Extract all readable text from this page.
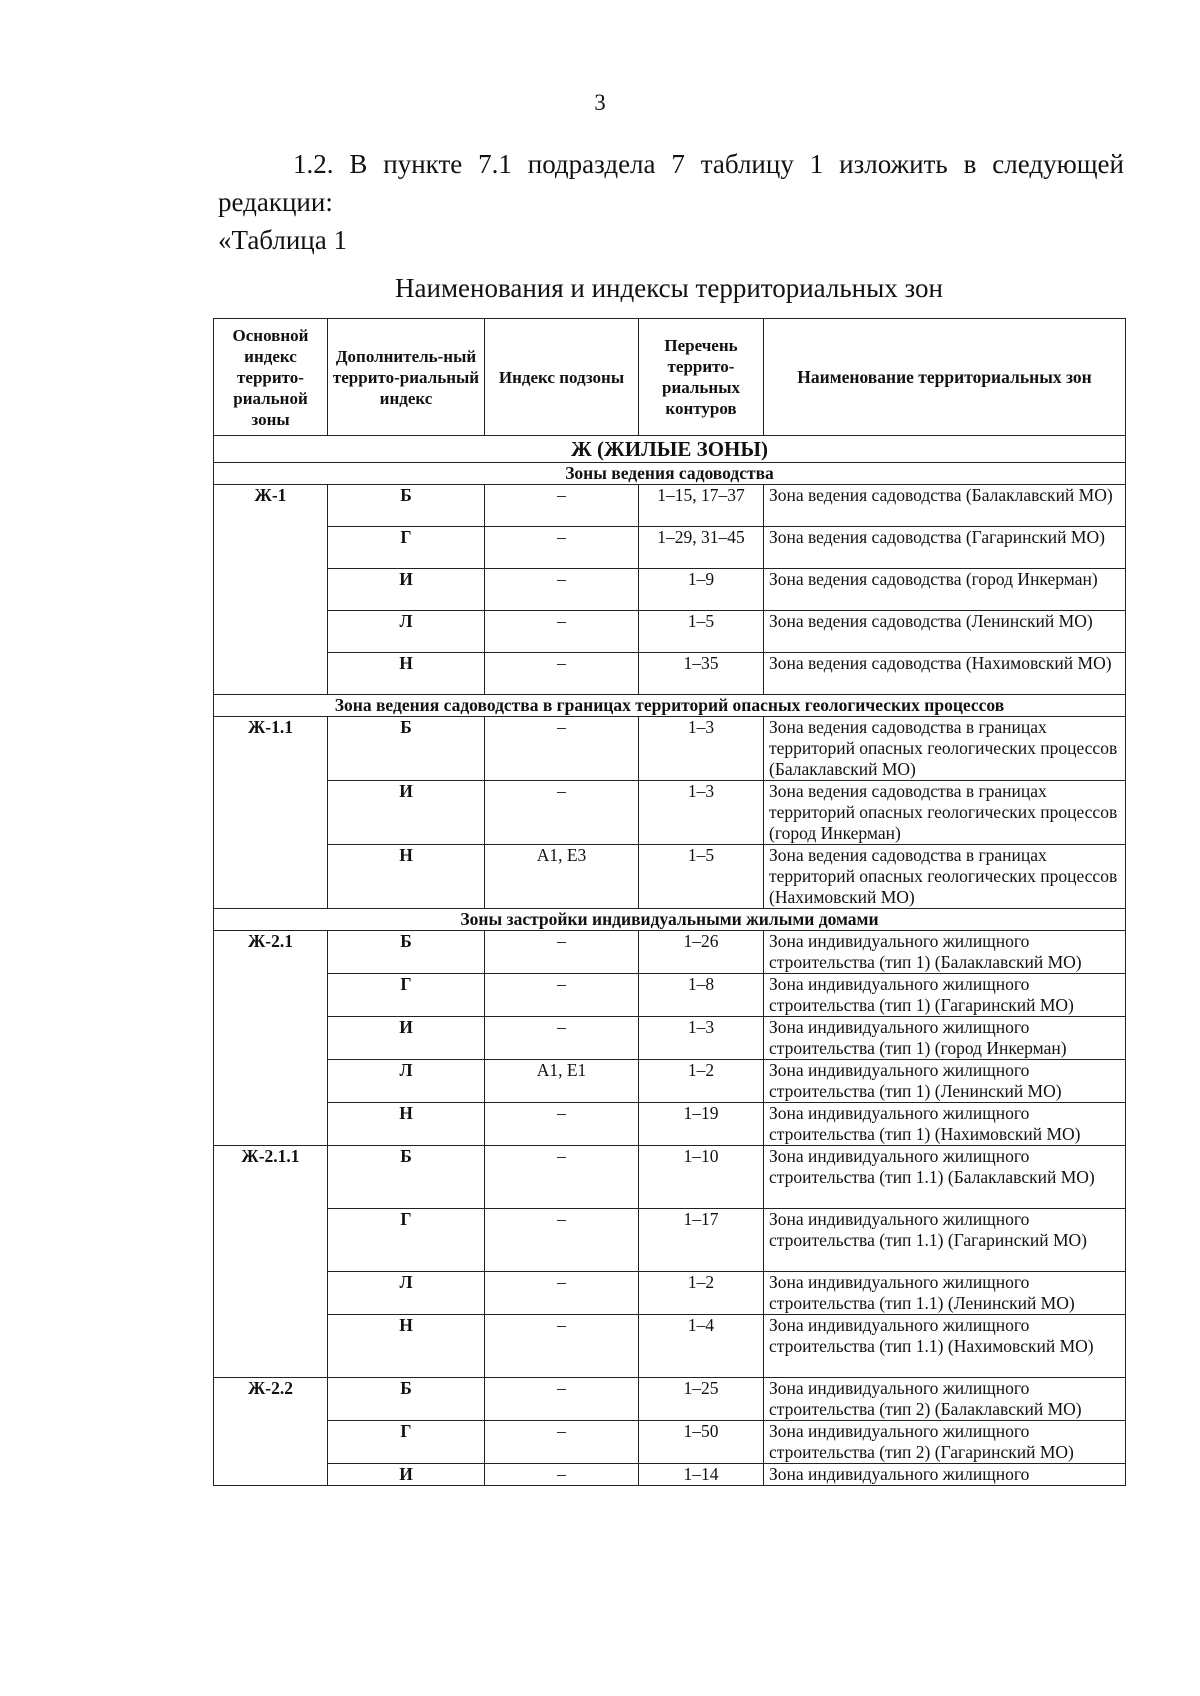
3
1.2. В пункте 7.1 подраздела 7 таблицу 1 изложить в следующей редакции:
«Таблица 1
Наименования и индексы территориальных зон
Основной индекс террито-риальной зоны	Дополнитель-ный террито-риальный индекс	Индекс подзоны	Перечень террито-риальных контуров	Наименование территориальных зон
Ж (ЖИЛЫЕ ЗОНЫ)				
Зоны ведения садоводства				
Ж-1	Б	–	1–15, 17–37	Зона ведения садоводства (Балаклавский МО)
	Г	–	1–29, 31–45	Зона ведения садоводства (Гагаринский МО)
	И	–	1–9	Зона ведения садоводства (город Инкерман)
	Л	–	1–5	Зона ведения садоводства (Ленинский МО)
	Н	–	1–35	Зона ведения садоводства (Нахимовский МО)
Зона ведения садоводства в границах территорий опасных геологических процессов				
Ж-1.1	Б	–	1–3	Зона ведения садоводства в границах территорий опасных геологических процессов (Балаклавский МО)
	И	–	1–3	Зона ведения садоводства в границах территорий опасных геологических процессов (город Инкерман)
	Н	А1, Е3	1–5	Зона ведения садоводства в границах территорий опасных геологических процессов (Нахимовский МО)
Зоны застройки индивидуальными жилыми домами				
Ж-2.1	Б	–	1–26	Зона индивидуального жилищного строительства (тип 1) (Балаклавский МО)
	Г	–	1–8	Зона индивидуального жилищного строительства (тип 1) (Гагаринский МО)
	И	–	1–3	Зона индивидуального жилищного строительства (тип 1) (город Инкерман)
	Л	А1, Е1	1–2	Зона индивидуального жилищного строительства (тип 1) (Ленинский МО)
	Н	–	1–19	Зона индивидуального жилищного строительства (тип 1) (Нахимовский МО)
Ж-2.1.1	Б	–	1–10	Зона индивидуального жилищного строительства (тип 1.1) (Балаклавский МО)
	Г	–	1–17	Зона индивидуального жилищного строительства (тип 1.1) (Гагаринский МО)
	Л	–	1–2	Зона индивидуального жилищного строительства (тип 1.1) (Ленинский МО)
	Н	–	1–4	Зона индивидуального жилищного строительства (тип 1.1) (Нахимовский МО)
Ж-2.2	Б	–	1–25	Зона индивидуального жилищного строительства (тип 2) (Балаклавский МО)
	Г	–	1–50	Зона индивидуального жилищного строительства (тип 2) (Гагаринский МО)
	И	–	1–14	Зона индивидуального жилищного
